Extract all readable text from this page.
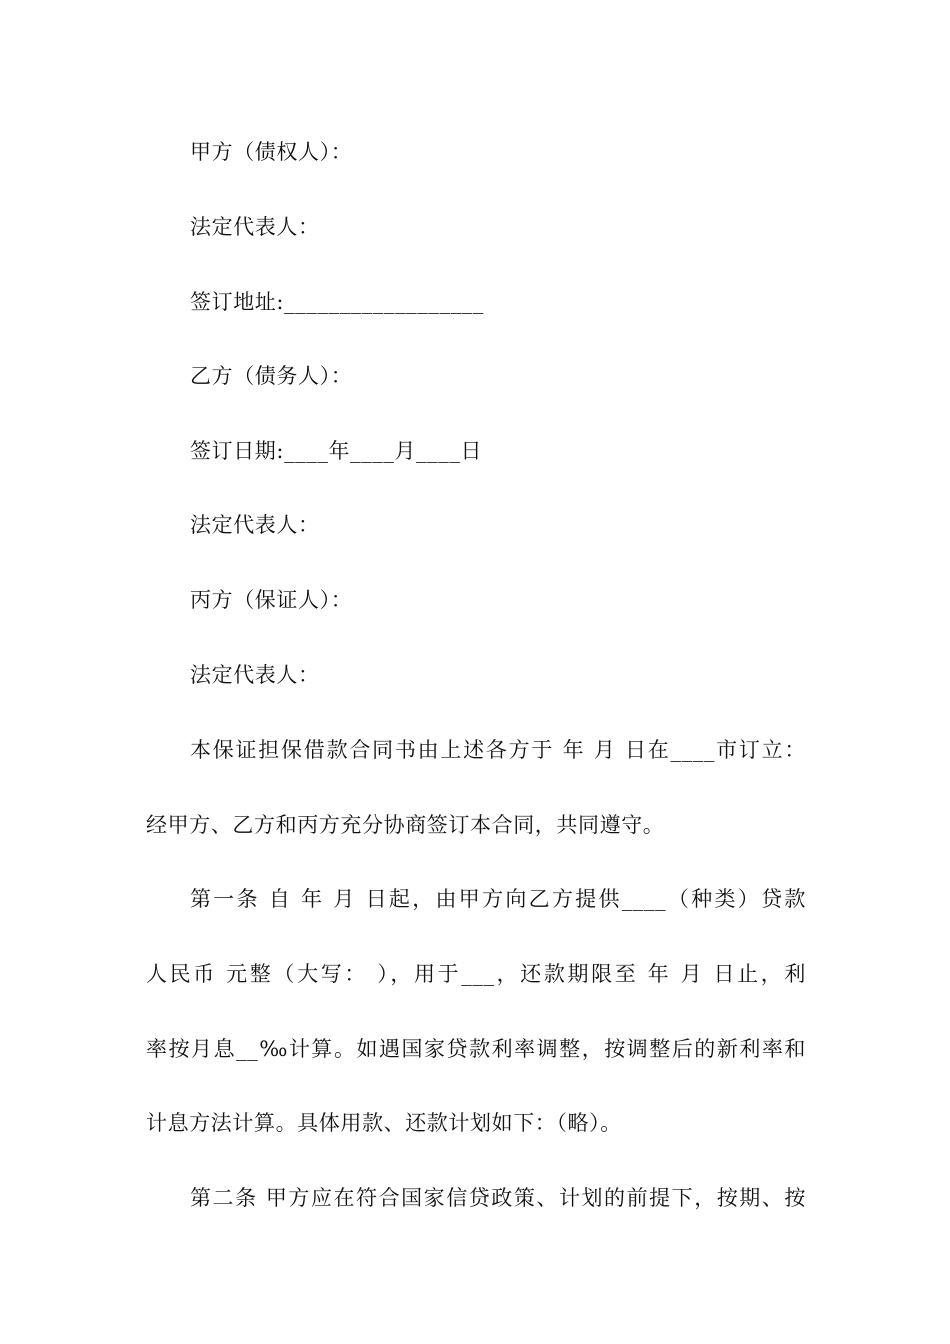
甲方（债权人）：
法定代表人：
签订地址:__________________
乙方（债务人）：
签订日期:____年____月____日
法定代表人：
丙方（保证人）：
法定代表人：
本保证担保借款合同书由上述各方于 年 月 日在____市订立：
经甲方、乙方和丙方充分协商签订本合同，共同遵守。
第一条 自 年 月 日起，由甲方向乙方提供____（种类）贷款
人民币 元整（大写： ），用于___，还款期限至 年 月 日止，利
率按月息__‰计算。如遇国家贷款利率调整，按调整后的新利率和
计息方法计算。具体用款、还款计划如下：（略）。
第二条 甲方应在符合国家信贷政策、计划的前提下，按期、按
